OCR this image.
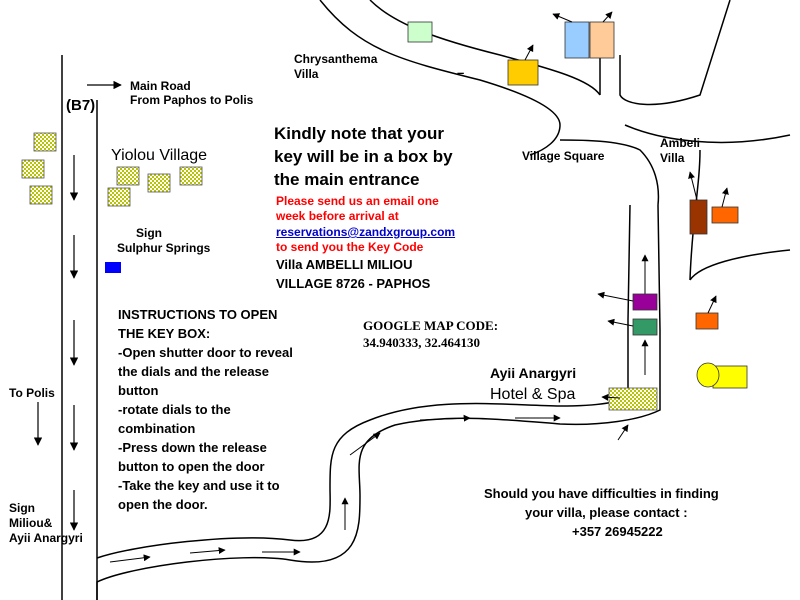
Main Road
From Paphos to Polis
(B7)
Yiolou Village
Sign
Sulphur Springs
To Polis
Sign
Miliou&
Ayii Anargyri
Chrysanthema
Villa	–
Village Square
Ambeli
Villa
Ayii Anargyri
Hotel & Spa
Kindly note that your
key will be in a box by
the main entrance
Please send us an email one
week before arrival at
reservations@zandxgroup.com
to send you the Key Code
Villa AMBELLI MILIOU
VILLAGE 8726 - PAPHOS
GOOGLE MAP CODE:
34.940333, 32.464130
INSTRUCTIONS TO OPEN
THE KEY BOX:
-Open shutter door to reveal
the dials and the release
button
-rotate dials to the
combination
-Press down the release
button to open the door
-Take the key and use it to
open the door.
Should you have difficulties in finding
your villa, please contact :
+357 26945222
